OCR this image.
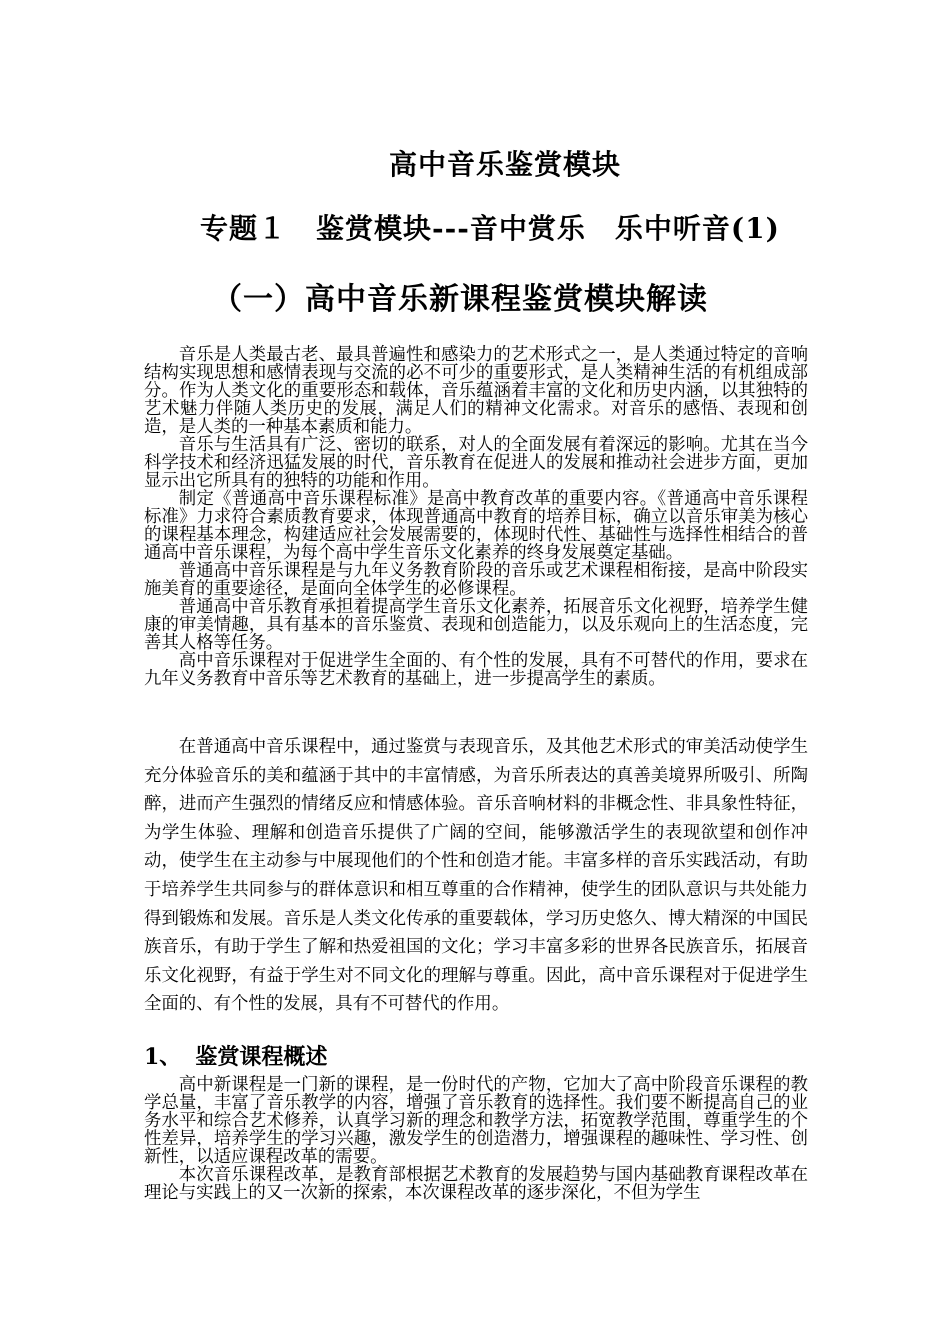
高中音乐鉴赏模块
专题１　鉴赏模块---音中赏乐　乐中听音(1)
（一）高中音乐新课程鉴赏模块解读

音乐是人类最古老、最具普遍性和感染力的艺术形式之一，是人类通过特定的音响结构实现思想和感情表现与交流的必不可少的重要形式，是人类精神生活的有机组成部分。作为人类文化的重要形态和载体，音乐蕴涵着丰富的文化和历史内涵，以其独特的艺术魅力伴随人类历史的发展，满足人们的精神文化需求。对音乐的感悟、表现和创造，是人类的一种基本素质和能力。

音乐与生活具有广泛、密切的联系，对人的全面发展有着深远的影响。尤其在当今科学技术和经济迅猛发展的时代，音乐教育在促进人的发展和推动社会进步方面，更加显示出它所具有的独特的功能和作用。

制定《普通高中音乐课程标准》是高中教育改革的重要内容。《普通高中音乐课程标准》力求符合素质教育要求，体现普通高中教育的培养目标，确立以音乐审美为核心的课程基本理念，构建适应社会发展需要的，体现时代性、基础性与选择性相结合的普通高中音乐课程，为每个高中学生音乐文化素养的终身发展奠定基础。

普通高中音乐课程是与九年义务教育阶段的音乐或艺术课程相衔接，是高中阶段实施美育的重要途径，是面向全体学生的必修课程。

普通高中音乐教育承担着提高学生音乐文化素养，拓展音乐文化视野，培养学生健康的审美情趣，具有基本的音乐鉴赏、表现和创造能力，以及乐观向上的生活态度，完善其人格等任务。

高中音乐课程对于促进学生全面的、有个性的发展，具有不可替代的作用，要求在九年义务教育中音乐等艺术教育的基础上，进一步提高学生的素质。

在普通高中音乐课程中，通过鉴赏与表现音乐，及其他艺术形式的审美活动使学生充分体验音乐的美和蕴涵于其中的丰富情感，为音乐所表达的真善美境界所吸引、所陶醉，进而产生强烈的情绪反应和情感体验。音乐音响材料的非概念性、非具象性特征，为学生体验、理解和创造音乐提供了广阔的空间，能够激活学生的表现欲望和创作冲动，使学生在主动参与中展现他们的个性和创造才能。丰富多样的音乐实践活动，有助于培养学生共同参与的群体意识和相互尊重的合作精神，使学生的团队意识与共处能力得到锻炼和发展。音乐是人类文化传承的重要载体，学习历史悠久、博大精深的中国民族音乐，有助于学生了解和热爱祖国的文化；学习丰富多彩的世界各民族音乐，拓展音乐文化视野，有益于学生对不同文化的理解与尊重。因此，高中音乐课程对于促进学生全面的、有个性的发展，具有不可替代的作用。

1、 鉴赏课程概述

高中新课程是一门新的课程，是一份时代的产物，它加大了高中阶段音乐课程的教学总量，丰富了音乐教学的内容，增强了音乐教育的选择性。我们要不断提高自己的业务水平和综合艺术修养，认真学习新的理念和教学方法，拓宽教学范围，尊重学生的个性差异，培养学生的学习兴趣，激发学生的创造潜力，增强课程的趣味性、学习性、创新性，以适应课程改革的需要。

本次音乐课程改革，是教育部根据艺术教育的发展趋势与国内基础教育课程改革在理论与实践上的又一次新的探索，本次课程改革的逐步深化，不但为学生
